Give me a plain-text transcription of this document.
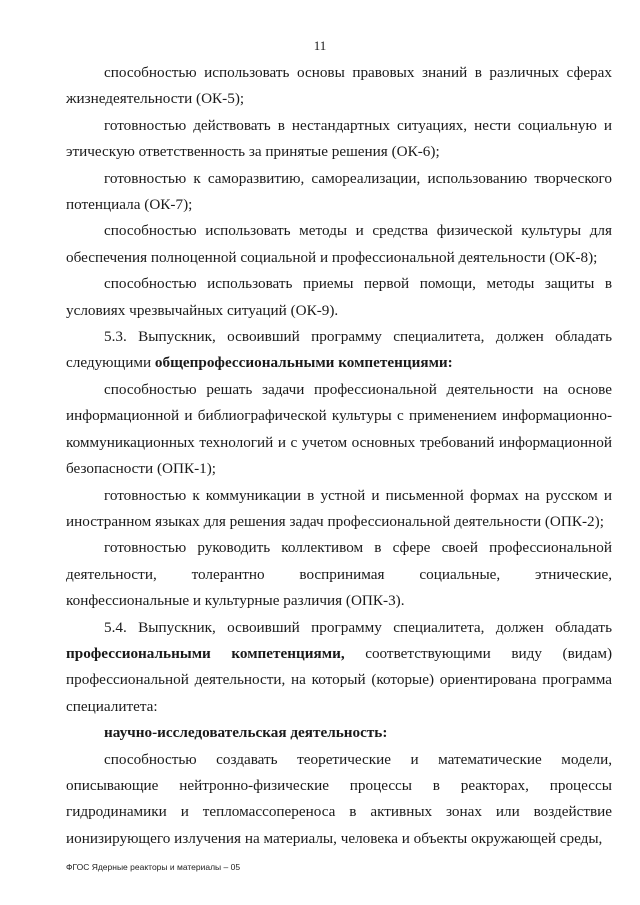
11

способностью использовать основы правовых знаний в различных сферах жизнедеятельности (ОК-5);

готовностью действовать в нестандартных ситуациях, нести социальную и этическую ответственность за принятые решения (ОК-6);

готовностью к саморазвитию, самореализации, использованию творческого потенциала (ОК-7);

способностью использовать методы и средства физической культуры для обеспечения полноценной социальной и профессиональной деятельности (ОК-8);

способностью использовать приемы первой помощи, методы защиты в условиях чрезвычайных ситуаций (ОК-9).

5.3. Выпускник, освоивший программу специалитета, должен обладать следующими общепрофессиональными компетенциями:

способностью решать задачи профессиональной деятельности на основе информационной и библиографической культуры с применением информационно-коммуникационных технологий и с учетом основных требований информационной безопасности (ОПК-1);

готовностью к коммуникации в устной и письменной формах на русском и иностранном языках для решения задач профессиональной деятельности (ОПК-2);

готовностью руководить коллективом в сфере своей профессиональной деятельности, толерантно воспринимая социальные, этнические, конфессиональные и культурные различия (ОПК-3).

5.4. Выпускник, освоивший программу специалитета, должен обладать профессиональными компетенциями, соответствующими виду (видам) профессиональной деятельности, на который (которые) ориентирована программа специалитета:

научно-исследовательская деятельность:

способностью создавать теоретические и математические модели, описывающие нейтронно-физические процессы в реакторах, процессы гидродинамики и тепломассопереноса в активных зонах или воздействие ионизирующего излучения на материалы, человека и объекты окружающей среды,

ФГОС Ядерные реакторы и материалы – 05
